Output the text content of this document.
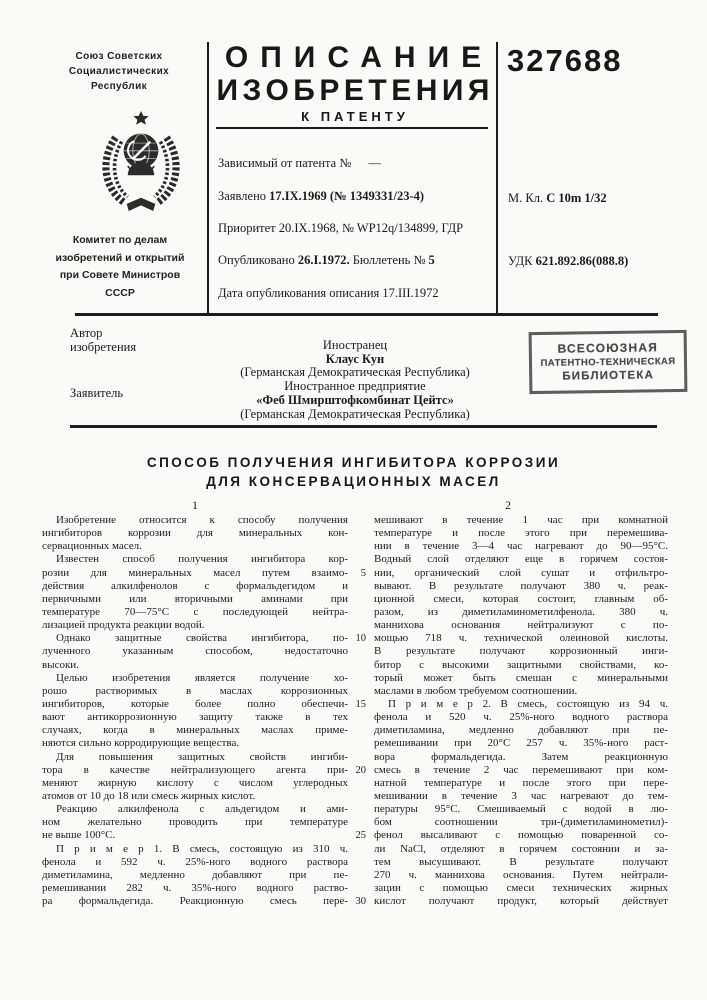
Союз Советских
Социалистических
Республик
Комитет по делам
изобретений и открытий
при Совете Министров
СССР
ОПИСАНИЕ
ИЗОБРЕТЕНИЯ
К ПАТЕНТУ
327688
Зависимый от патента № —
Заявлено 17.IX.1969 (№ 1349331/23-4)
Приоритет 20.IX.1968, № WP12q/134899, ГДР
Опубликовано 26.I.1972. Бюллетень № 5
Дата опубликования описания 17.III.1972
М. Кл. C 10m 1/32
УДК 621.892.86(088.8)
Автор
изобретения
Заявитель
Иностранец
Клаус Кун
(Германская Демократическая Республика)
Иностранное предприятие
«Феб Шмирштофкомбинат Цейтс»
(Германская Демократическая Республика)
ВСЕСОЮЗНАЯ
ПАТЕНТНО-ТЕХНИЧЕСКАЯ
БИБЛИОТЕКА
СПОСОБ ПОЛУЧЕНИЯ ИНГИБИТОРА КОРРОЗИИ
ДЛЯ КОНСЕРВАЦИОННЫХ МАСЕЛ
1	2
Изобретение относится к способу получения
ингибиторов коррозии для минеральных кон-
сервационных масел.
Известен способ получения ингибитора кор-
розии для минеральных масел путем взаимо-
действия алкилфенолов с формальдегидом и
первичными или вторичными аминами при
температуре 70—75°С с последующей нейтра-
лизацией продукта реакции водой.
Однако защитные свойства ингибитора, по-
лученного указанным способом, недостаточно
высоки.
Целью изобретения является получение хо-
рошо растворимых в маслах коррозионных
ингибиторов, которые более полно обеспечи-
вают антикоррозионную защиту также в тех
случаях, когда в минеральных маслах приме-
няются сильно корродирующие вещества.
Для повышения защитных свойств ингиби-
тора в качестве нейтрализующего агента при-
меняют жирную кислоту с числом углеродных
атомов от 10 до 18 или смесь жирных кислот.
Реакцию алкилфенола с альдегидом и ами-
ном желательно проводить при температуре
не выше 100°С.
П р и м е р 1. В смесь, состоящую из 310 ч.
фенола и 592 ч. 25%-ного водного раствора
диметиламина, медленно добавляют при пе-
ремешивании 282 ч. 35%-ного водного раство-
ра формальдегида. Реакционную смесь пере-
мешивают в течение 1 час при комнатной
температуре и после этого при перемешива-
нии в течение 3—4 час нагревают до 90—95°С.
Водный слой отделяют еще в горячем состоя-
5 нии, органический слой сушат и отфильтро-
вывают. В результате получают 380 ч. реак-
ционной смеси, которая состоит, главным об-
разом, из диметиламинометилфенола. 380 ч.
маннихова основания нейтрализуют с по-
10 мощью 718 ч. технической олеиновой кислоты.
В результате получают коррозионный инги-
битор с высокими защитными свойствами, ко-
торый может быть смешан с минеральными
маслами в любом требуемом соотношении.
15	П р и м е р 2. В смесь, состоящую из 94 ч.
фенола и 520 ч. 25%-ного водного раствора
диметиламина, медленно добавляют при пе-
ремешивании при 20°С 257 ч. 35%-ного раст-
вора формальдегида. Затем реакционную
20 смесь в течение 2 час перемешивают при ком-
натной температуре и после этого при пере-
мешивании в течение 3 час нагревают до тем-
пературы 95°С. Смешиваемый с водой в лю-
бом соотношении три-(диметиламинометил)-
25 фенол высаливают с помощью поваренной со-
ли NaCl, отделяют в горячем состоянии и за-
тем высушивают. В результате получают
270 ч. маннихова основания. Путем нейтрали-
зации с помощью смеси технических жирных
30 кислот получают продукт, который действует
